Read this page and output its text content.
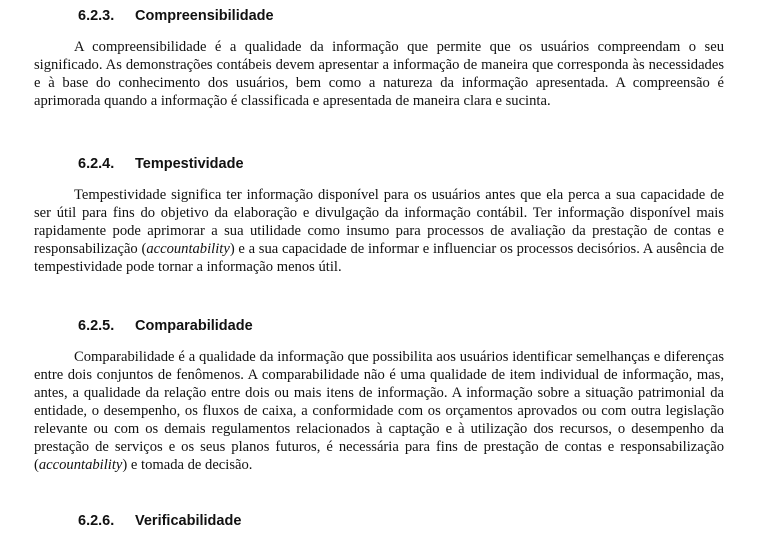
6.2.3. Compreensibilidade

A compreensibilidade é a qualidade da informação que permite que os usuários compreendam o seu significado. As demonstrações contábeis devem apresentar a informação de maneira que corresponda às necessidades e à base do conhecimento dos usuários, bem como a natureza da informação apresentada. A compreensão é aprimorada quando a informação é classificada e apresentada de maneira clara e sucinta.

6.2.4. Tempestividade

Tempestividade significa ter informação disponível para os usuários antes que ela perca a sua capacidade de ser útil para fins do objetivo da elaboração e divulgação da informação contábil. Ter informação disponível mais rapidamente pode aprimorar a sua utilidade como insumo para processos de avaliação da prestação de contas e responsabilização (accountability) e a sua capacidade de informar e influenciar os processos decisórios. A ausência de tempestividade pode tornar a informação menos útil.

6.2.5. Comparabilidade

Comparabilidade é a qualidade da informação que possibilita aos usuários identificar semelhanças e diferenças entre dois conjuntos de fenômenos. A comparabilidade não é uma qualidade de item individual de informação, mas, antes, a qualidade da relação entre dois ou mais itens de informação. A informação sobre a situação patrimonial da entidade, o desempenho, os fluxos de caixa, a conformidade com os orçamentos aprovados ou com outra legislação relevante ou com os demais regulamentos relacionados à captação e à utilização dos recursos, o desempenho da prestação de serviços e os seus planos futuros, é necessária para fins de prestação de contas e responsabilização (accountability) e tomada de decisão.

6.2.6. Verificabilidade
